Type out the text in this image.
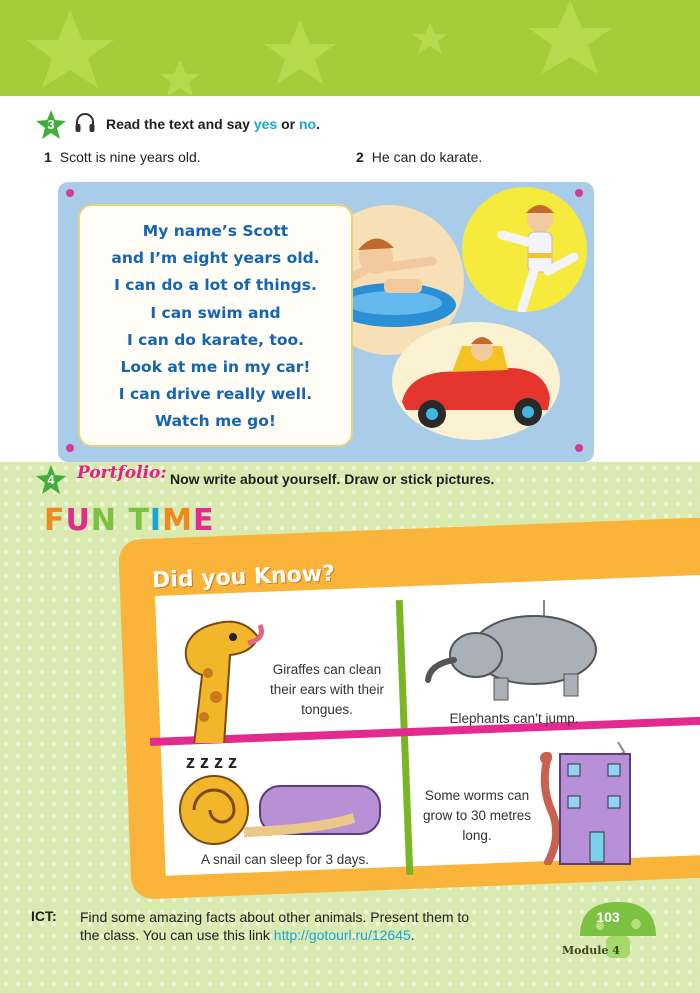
3	Read the text and say yes or no.
1 Scott is nine years old.	2 He can do karate.
My name’s Scott
and I’m eight years old.
I can do a lot of things.
I can swim and
I can do karate, too.
Look at me in my car!
I can drive really well.
Watch me go!
4	Portfolio: Now write about yourself. Draw or stick pictures.
FUN TIME
Did you Know?
Giraffes can clean their ears with their tongues.
Elephants can’t jump.
z z z z
A snail can sleep for 3 days.
Some worms can grow to 30 metres long.
ICT: Find some amazing facts about other animals. Present them to
the class. You can use this link http://gotourl.ru/12645.
103
Module 4
